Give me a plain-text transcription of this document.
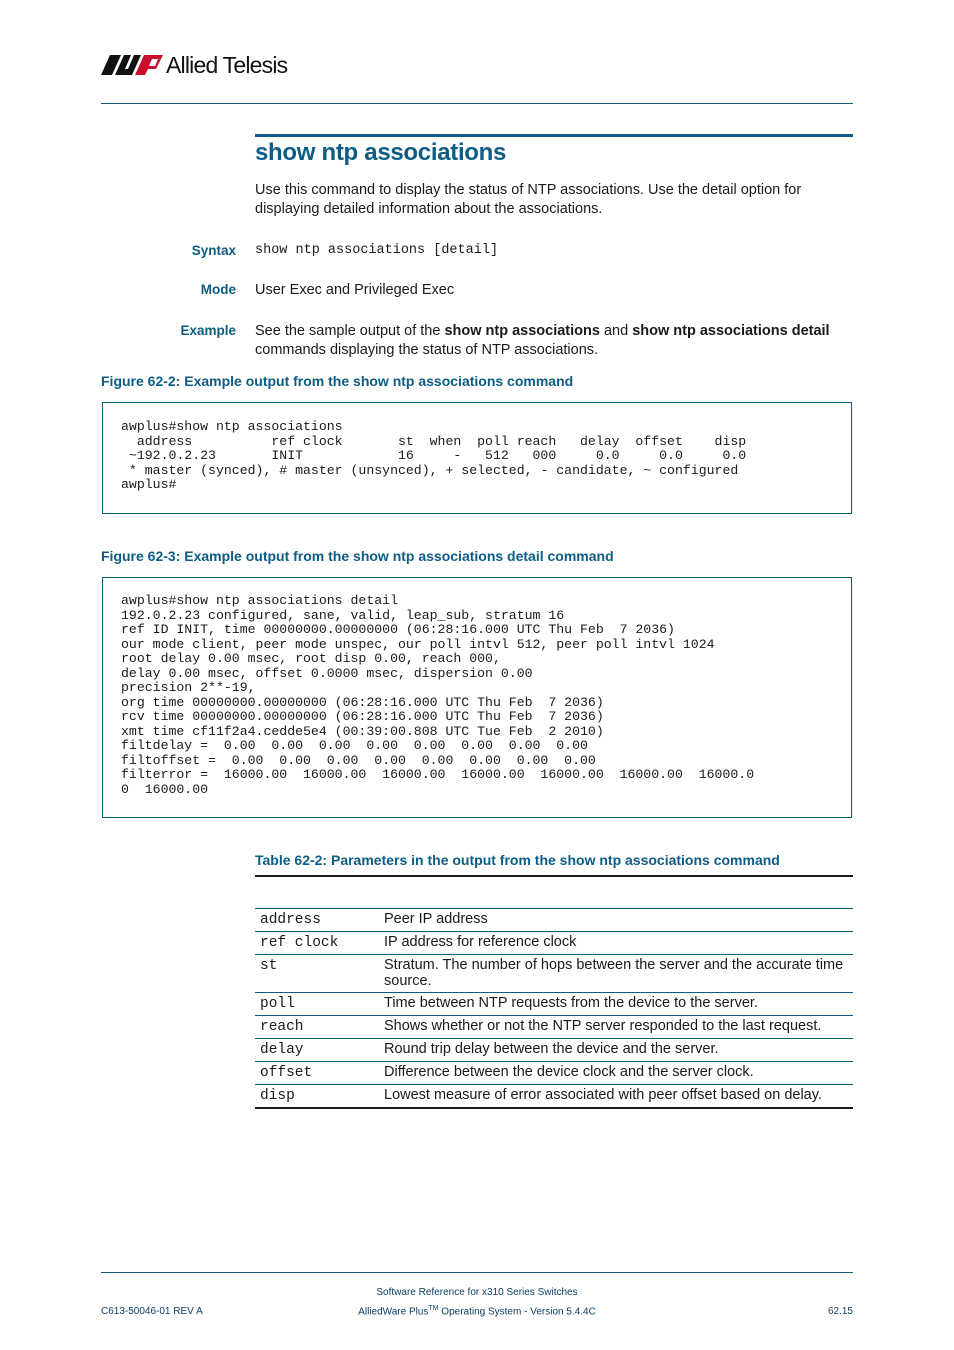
Allied Telesis
show ntp associations
Use this command to display the status of NTP associations. Use the detail option for displaying detailed information about the associations.
Syntax show ntp associations [detail]
Mode User Exec and Privileged Exec
Example See the sample output of the show ntp associations and show ntp associations detail commands displaying the status of NTP associations.
Figure 62-2: Example output from the show ntp associations command
awplus#show ntp associations
address          ref clock       st  when  poll reach   delay  offset    disp
~192.0.2.23       INIT            16     -   512   000     0.0     0.0     0.0
* master (synced), # master (unsynced), + selected, - candidate, ~ configured
awplus#
Figure 62-3: Example output from the show ntp associations detail command
awplus#show ntp associations detail
192.0.2.23 configured, sane, valid, leap_sub, stratum 16
ref ID INIT, time 00000000.00000000 (06:28:16.000 UTC Thu Feb  7 2036)
our mode client, peer mode unspec, our poll intvl 512, peer poll intvl 1024
root delay 0.00 msec, root disp 0.00, reach 000,
delay 0.00 msec, offset 0.0000 msec, dispersion 0.00
precision 2**-19,
org time 00000000.00000000 (06:28:16.000 UTC Thu Feb  7 2036)
rcv time 00000000.00000000 (06:28:16.000 UTC Thu Feb  7 2036)
xmt time cf11f2a4.cedde5e4 (00:39:00.808 UTC Tue Feb  2 2010)
filtdelay =  0.00  0.00  0.00  0.00  0.00  0.00  0.00  0.00
filtoffset =  0.00  0.00  0.00  0.00  0.00  0.00  0.00  0.00
filterror =  16000.00  16000.00  16000.00  16000.00  16000.00  16000.00  16000.0
0  16000.00
Table 62-2: Parameters in the output from the show ntp associations command
address	Peer IP address
ref clock	IP address for reference clock
st	Stratum. The number of hops between the server and the accurate time source.
poll	Time between NTP requests from the device to the server.
reach	Shows whether or not the NTP server responded to the last request.
delay	Round trip delay between the device and the server.
offset	Difference between the device clock and the server clock.
disp	Lowest measure of error associated with peer offset based on delay.
C613-50046-01 REV A
Software Reference for x310 Series Switches
AlliedWare Plus™ Operating System - Version 5.4.4C	62.15
